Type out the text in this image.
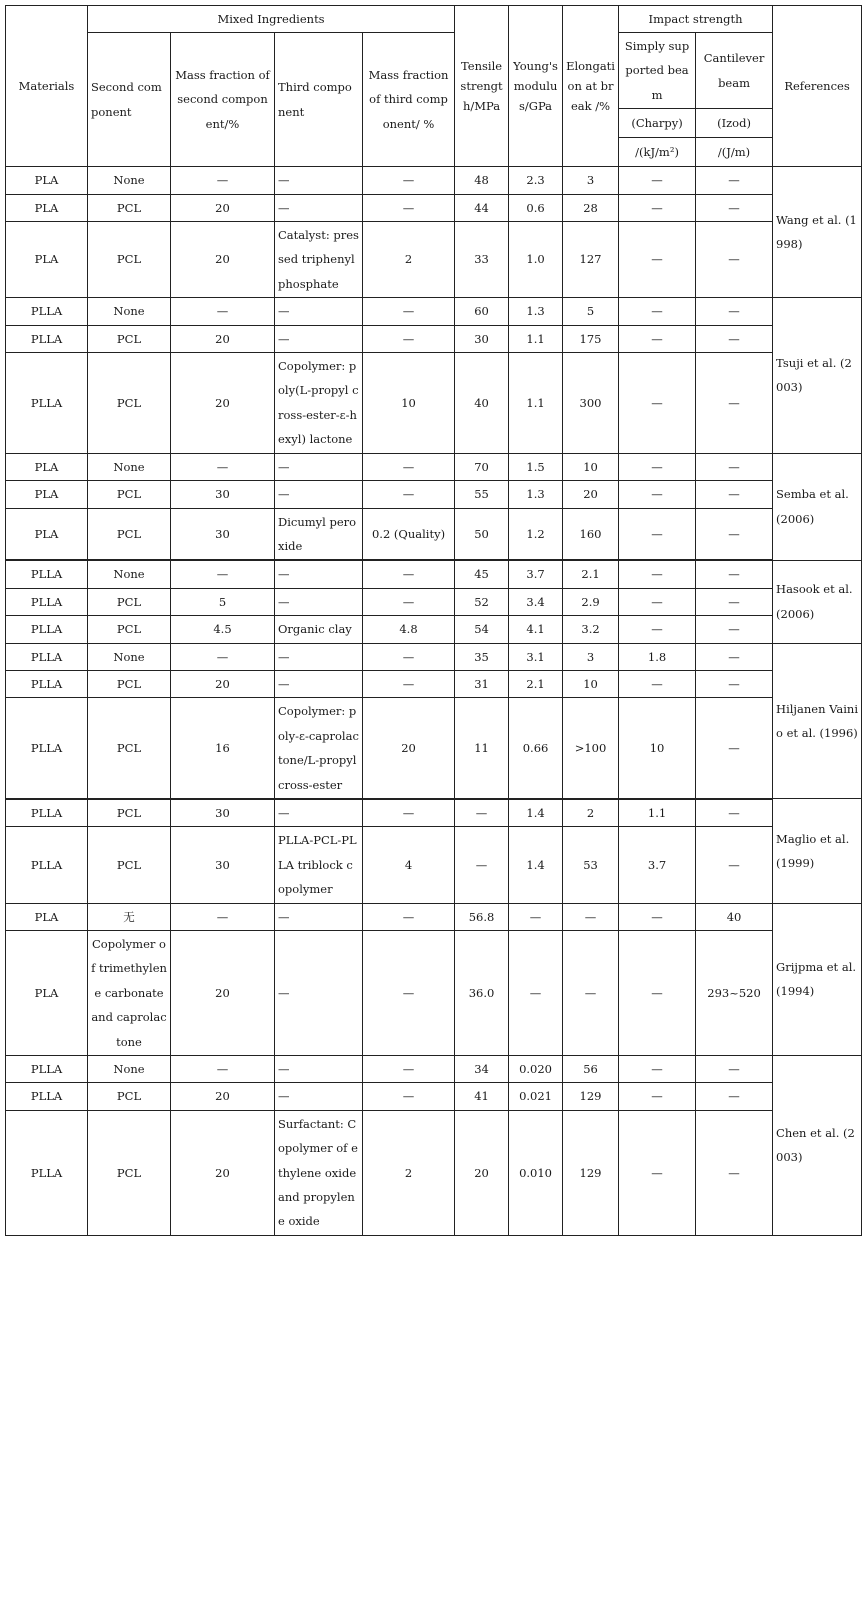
Materials	Mixed Ingredients				Tensile strength/MPa	Young's modulus/GPa	Elongation at break /%	Impact strength		References
	Second component	Mass fraction of second component/%	Third component	Mass fraction of third component/ %				Simply supported beam	Cantilever beam	
								(Charpy)	(Izod)	
								/(kJ/m²)	/(J/m)	
PLA	None	—	—	—	48	2.3	3	—	—	Wang et al. (1998)
PLA	PCL	20	—	—	44	0.6	28	—	—	
PLA	PCL	20	Catalyst: pressed triphenyl phosphate	2	33	1.0	127	—	—	
PLLA	None	—	—	—	60	1.3	5	—	—	Tsuji et al. (2003)
PLLA	PCL	20	—	—	30	1.1	175	—	—	
PLLA	PCL	20	Copolymer: poly(L-propyl cross-ester-ε-hexyl) lactone	10	40	1.1	300	—	—	
PLA	None	—	—	—	70	1.5	10	—	—	Semba et al. (2006)
PLA	PCL	30	—	—	55	1.3	20	—	—	
PLA	PCL	30	Dicumyl peroxide	0.2 (Quality)	50	1.2	160	—	—	
PLLA	None	—	—	—	45	3.7	2.1	—	—	Hasook et al. (2006)
PLLA	PCL	5	—	—	52	3.4	2.9	—	—	
PLLA	PCL	4.5	Organic clay	4.8	54	4.1	3.2	—	—	
PLLA	None	—	—	—	35	3.1	3	1.8	—	Hiljanen Vainio et al. (1996)
PLLA	PCL	20	—	—	31	2.1	10	—	—	
PLLA	PCL	16	Copolymer: poly-ε-caprolactone/L-propyl cross-ester	20	11	0.66	>100	10	—	
PLLA	PCL	30	—	—	—	1.4	2	1.1	—	Maglio et al. (1999)
PLLA	PCL	30	PLLA-PCL-PLLA triblock copolymer	4	—	1.4	53	3.7	—	
PLA	无	—	—	—	56.8	—	—	—	40	Grijpma et al. (1994)
PLA	Copolymer of trimethylene carbonate and caprolactone	20	—	—	36.0	—	—	—	293~520	
PLLA	None	—	—	—	34	0.020	56	—	—	Chen et al. (2003)
PLLA	PCL	20	—	—	41	0.021	129	—	—	
PLLA	PCL	20	Surfactant: Copolymer of ethylene oxide and propylene oxide	2	20	0.010	129	—	—	
